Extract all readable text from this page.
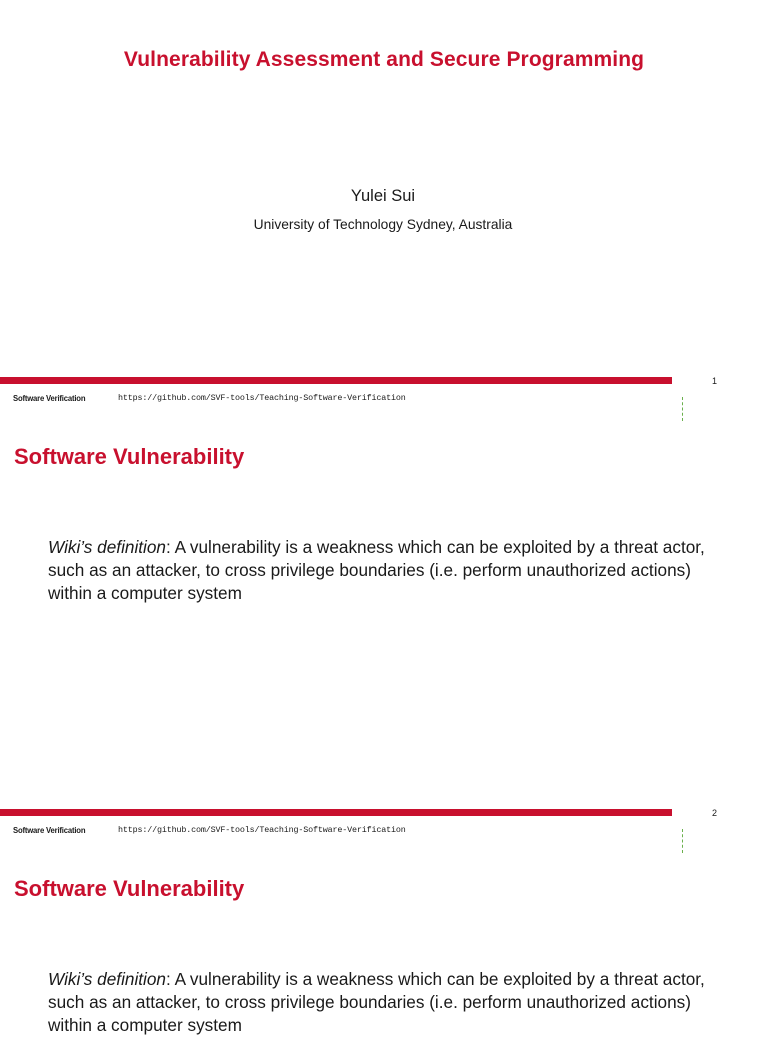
Vulnerability Assessment and Secure Programming
Yulei Sui
University of Technology Sydney, Australia
1
Software Verification	https://github.com/SVF-tools/Teaching-Software-Verification
Software Vulnerability
Wiki’s definition: A vulnerability is a weakness which can be exploited by a threat actor, such as an attacker, to cross privilege boundaries (i.e. perform unauthorized actions) within a computer system
2
Software Verification	https://github.com/SVF-tools/Teaching-Software-Verification
Software Vulnerability
Wiki’s definition: A vulnerability is a weakness which can be exploited by a threat actor, such as an attacker, to cross privilege boundaries (i.e. perform unauthorized actions) within a computer system
